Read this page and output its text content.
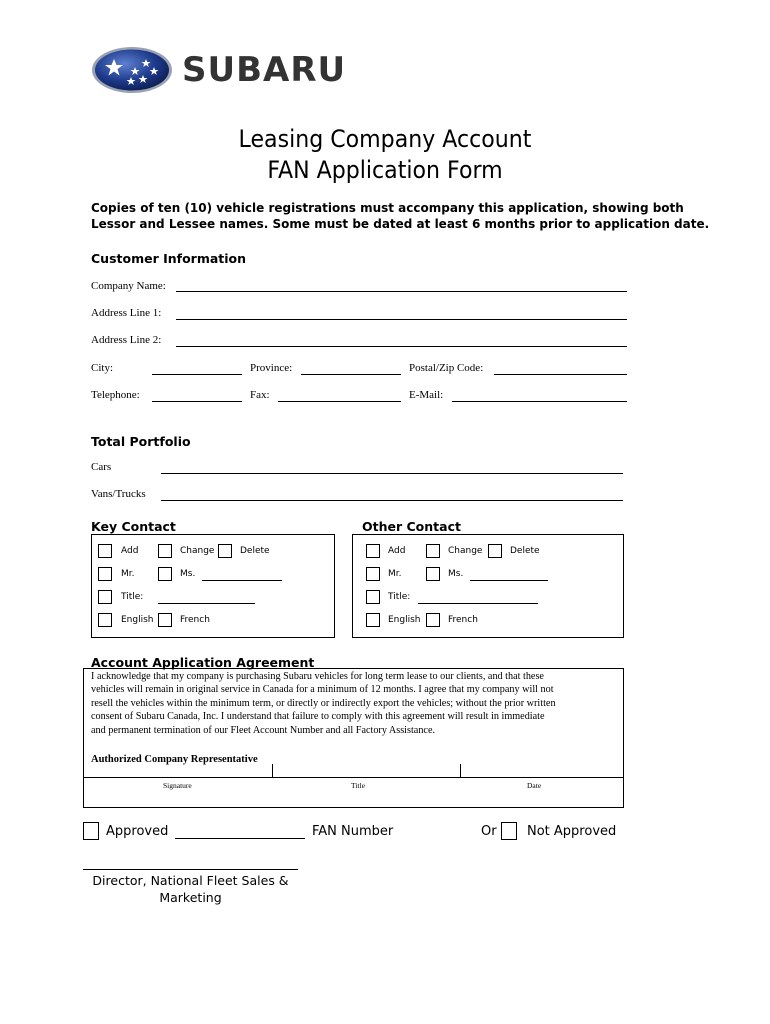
SUBARU
Leasing Company Account
FAN Application Form
Copies of ten (10) vehicle registrations must accompany this application, showing both
Lessor and Lessee names. Some must be dated at least 6 months prior to application date.
Customer Information
Company Name:
Address Line 1:
Address Line 2:
City:	Province:	Postal/Zip Code:
Telephone:	Fax:	E-Mail:
Total Portfolio
Cars
Vans/Trucks
Key Contact
Add	Change	Delete
Mr.	Ms.
Title:
English	French
Other Contact
Add	Change	Delete
Mr.	Ms.
Title:
English	French
Account Application Agreement
I acknowledge that my company is purchasing Subaru vehicles for long term lease to our clients, and that these
vehicles will remain in original service in Canada for a minimum of 12 months. I agree that my company will not
resell the vehicles within the minimum term, or directly or indirectly export the vehicles; without the prior written
consent of Subaru Canada, Inc. I understand that failure to comply with this agreement will result in immediate
and permanent termination of our Fleet Account Number and all Factory Assistance.
Authorized Company Representative
Signature	Title	Date
Approved	FAN Number	Or Not Approved
Director, National Fleet Sales &
Marketing
